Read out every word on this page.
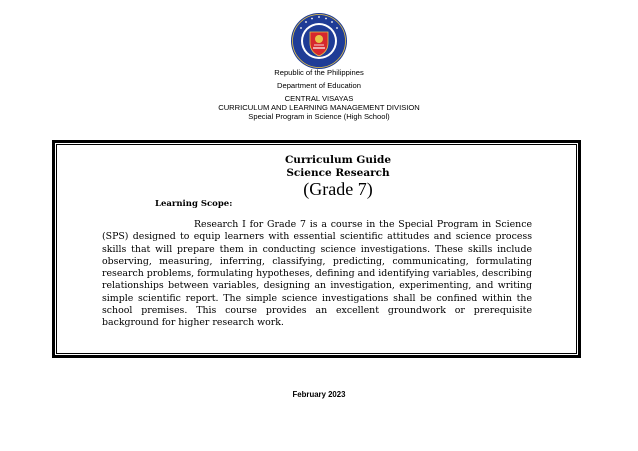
Republic of the Philippines
Department of Education
CENTRAL VISAYAS
CURRICULUM AND LEARNING MANAGEMENT DIVISION
Special Program in Science (High School)
Curriculum Guide
Science Research
(Grade 7)
Learning Scope:

Research I for Grade 7 is a course in the Special Program in Science (SPS) designed to equip learners with essential scientific attitudes and science process skills that will prepare them in conducting science investigations. These skills include observing, measuring, inferring, classifying, predicting, communicating, formulating research problems, formulating hypotheses, defining and identifying variables, describing relationships between variables, designing an investigation, experimenting, and writing simple scientific report. The simple science investigations shall be confined within the school premises. This course provides an excellent groundwork or prerequisite background for higher research work.

February 2023
